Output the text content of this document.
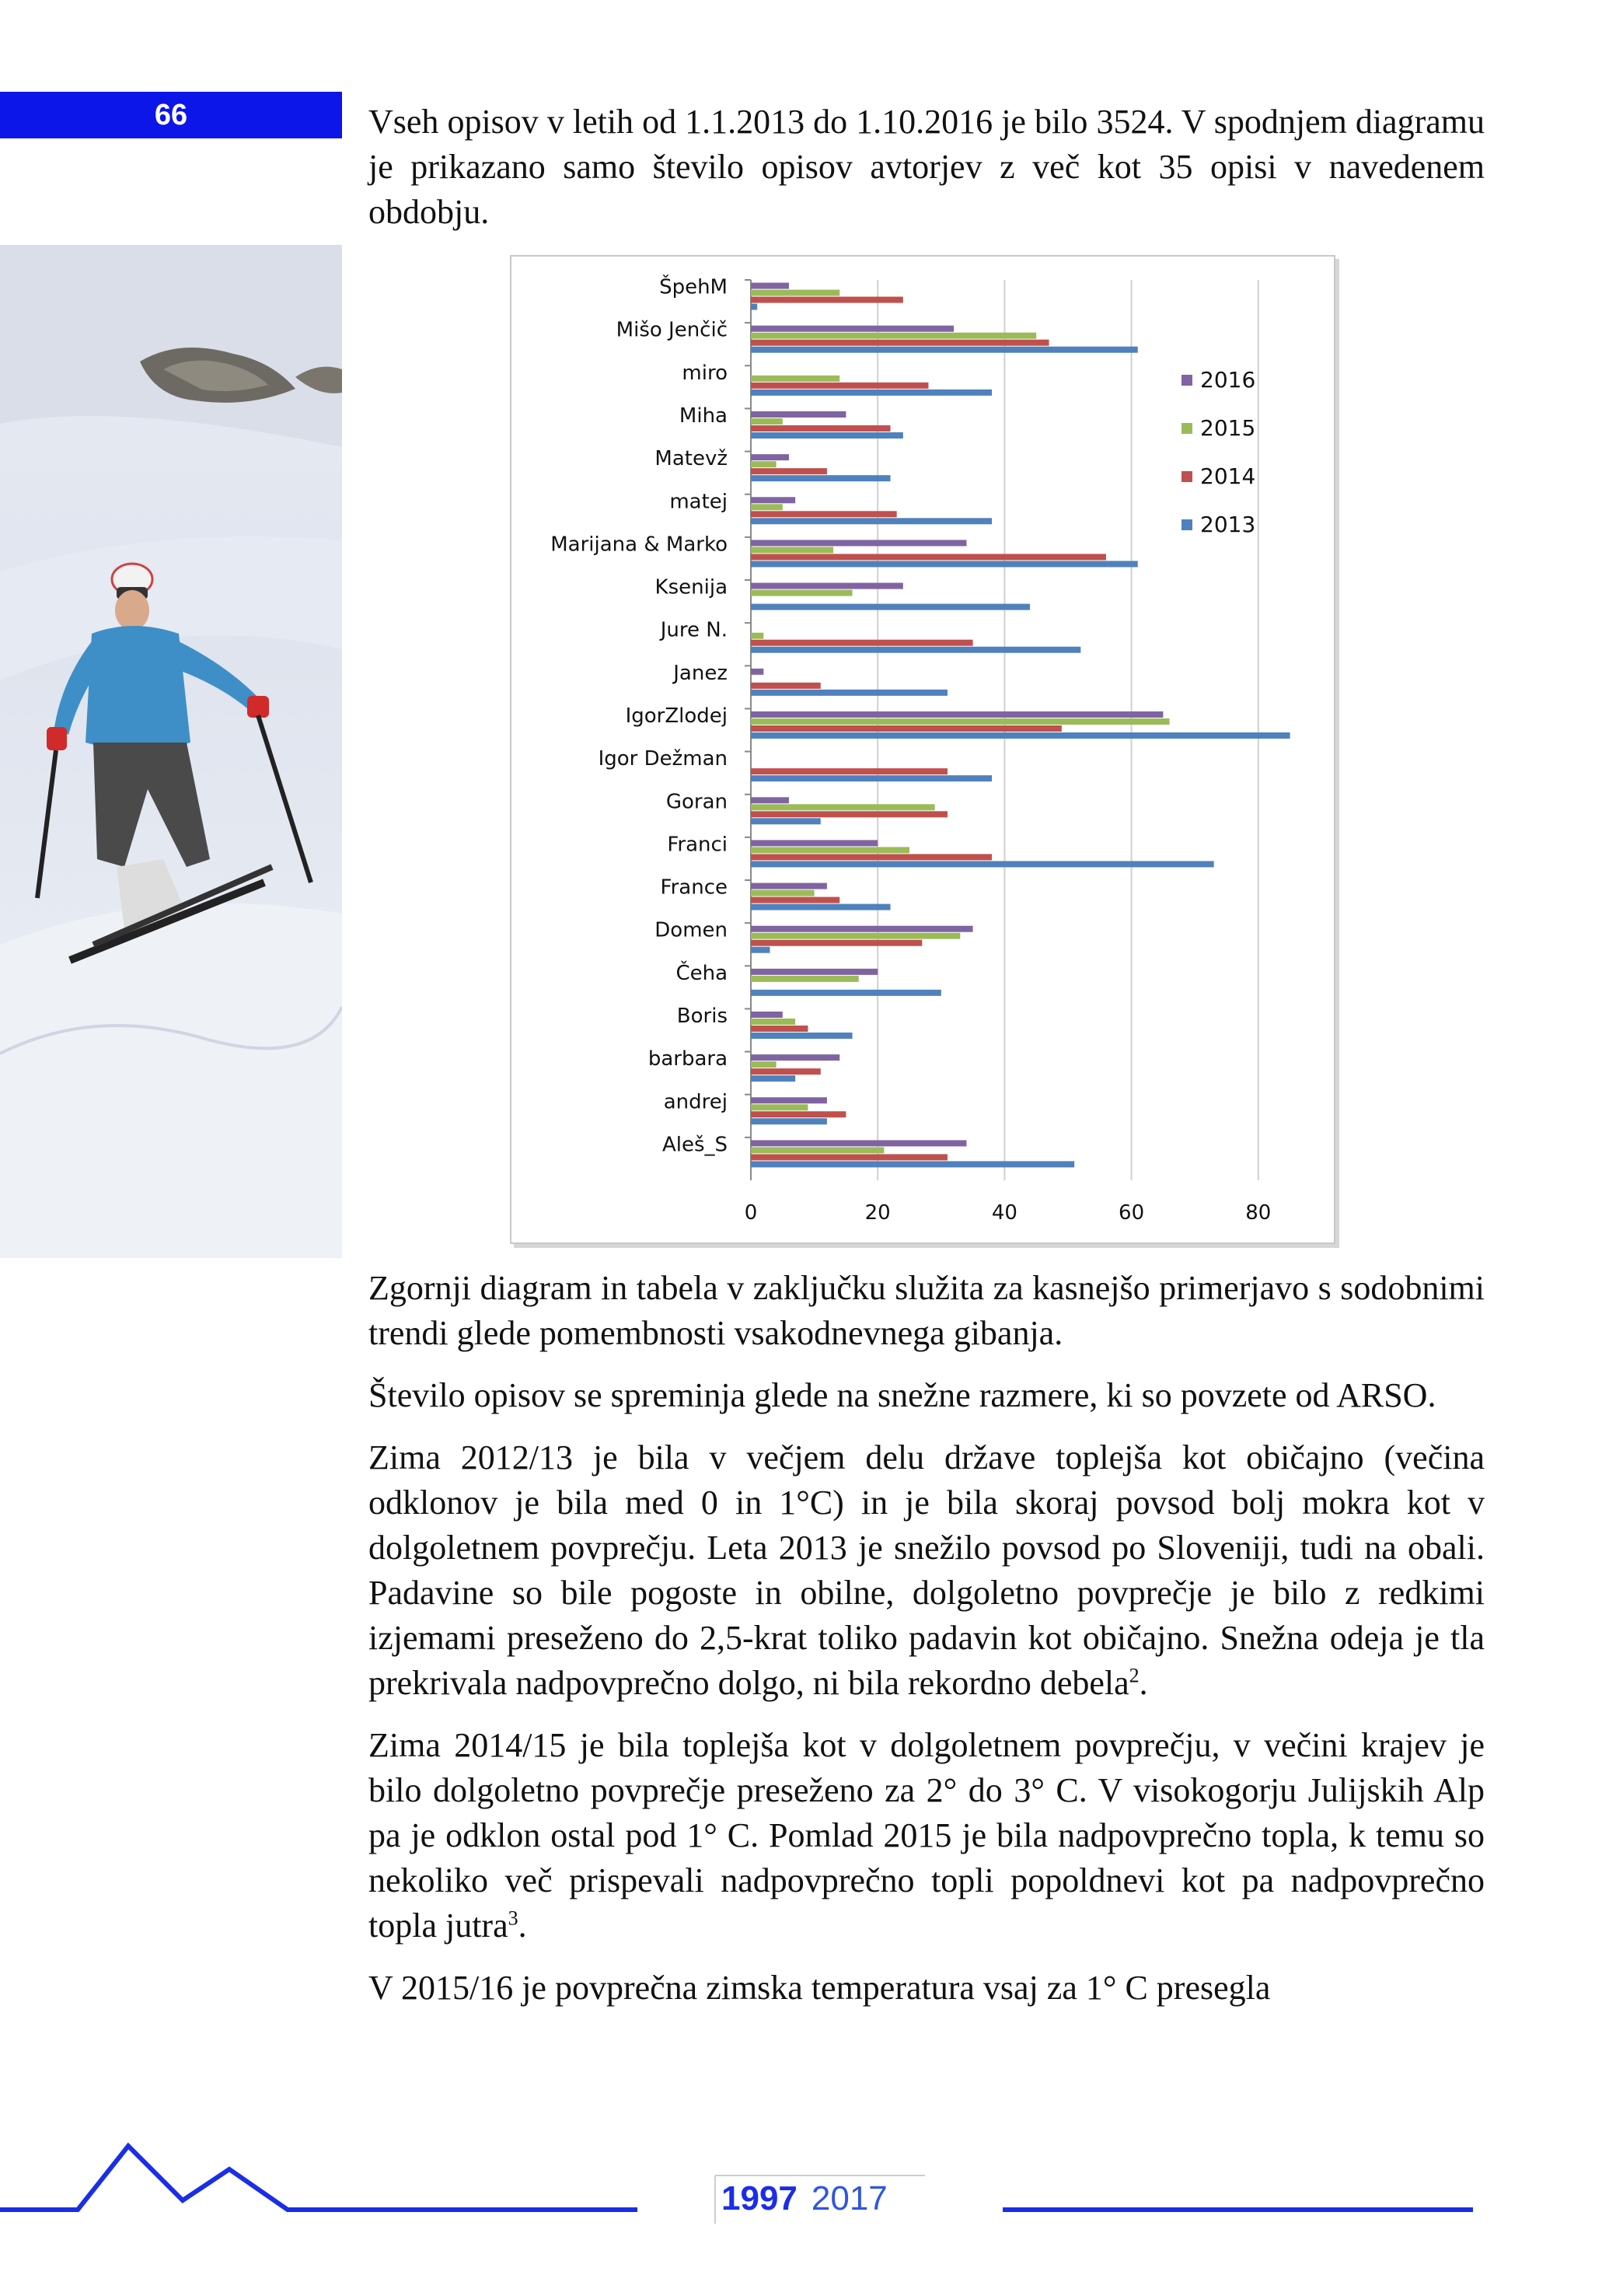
66	Vseh opisov v letih od 1.1.2013 do 1.10.2016 je bilo 3524. V spodnjem diagramu je prikazano samo število opisov avtorjev z več kot 35 opisi v navedenem obdobju.

ŠpehM
Mišo Jenčič
miro
Miha
Matevž
matej
Marijana & Marko
Ksenija
Jure N.
Janez
IgorZlodej
Igor Dežman
Goran
Franci
France
Domen
Čeha
Boris
barbara
andrej
Aleš_S
0	20	40	60	80
2016
2015
2014
2013

Zgornji diagram in tabela v zaključku služita za kasnejšo primerjavo s sodobnimi trendi glede pomembnosti vsakodnevnega gibanja.

Število opisov se spreminja glede na snežne razmere, ki so povzete od ARSO.

Zima 2012/13 je bila v večjem delu države toplejša kot običajno (večina odklonov je bila med 0 in 1°C) in je bila skoraj povsod bolj mokra kot v dolgoletnem povprečju. Leta 2013 je snežilo povsod po Sloveniji, tudi na obali. Padavine so bile pogoste in obilne, dolgoletno povprečje je bilo z redkimi izjemami preseženo do 2,5-krat toliko padavin kot običajno. Snežna odeja je tla prekrivala nadpovprečno dolgo, ni bila rekordno debela$^2$.

Zima 2014/15 je bila toplejša kot v dolgoletnem povprečju, v večini krajev je bilo dolgoletno povprečje preseženo za 2° do 3° C. V visokogorju Julijskih Alp pa je odklon ostal pod 1° C. Pomlad 2015 je bila nadpovprečno topla, k temu so nekoliko več prispevali nadpovprečno topli popoldnevi kot pa nadpovprečno topla jutra$^3$.

V 2015/16 je povprečna zimska temperatura vsaj za 1° C presegla

1997 2017
